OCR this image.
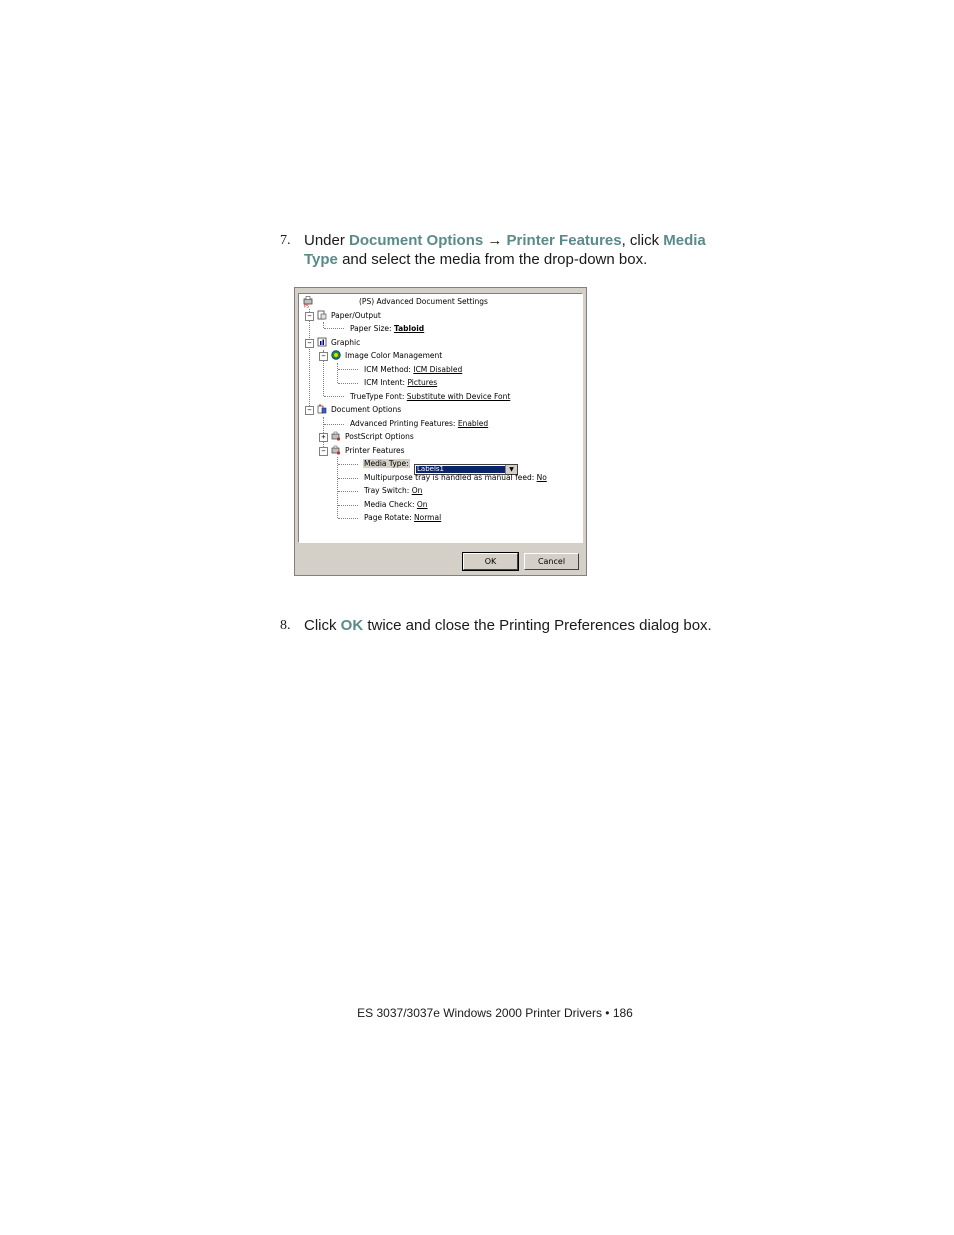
7. Under Document Options → Printer Features, click Media Type and select the media from the drop-down box.
PS	(PS) Advanced Document Settings
−	Paper/Output
Paper Size: Tabloid
−	Graphic
−	Image Color Management
ICM Method: ICM Disabled
ICM Intent: Pictures
TrueType Font: Substitute with Device Font
−	Document Options
Advanced Printing Features: Enabled
+	PostScript Options
−	Printer Features
Media Type:
Labels1	▼
Multipurpose tray is handled as manual feed: No
Tray Switch: On
Media Check: On
Page Rotate: Normal
OK	Cancel
8. Click OK twice and close the Printing Preferences dialog box.
ES 3037/3037e Windows 2000 Printer Drivers • 186
